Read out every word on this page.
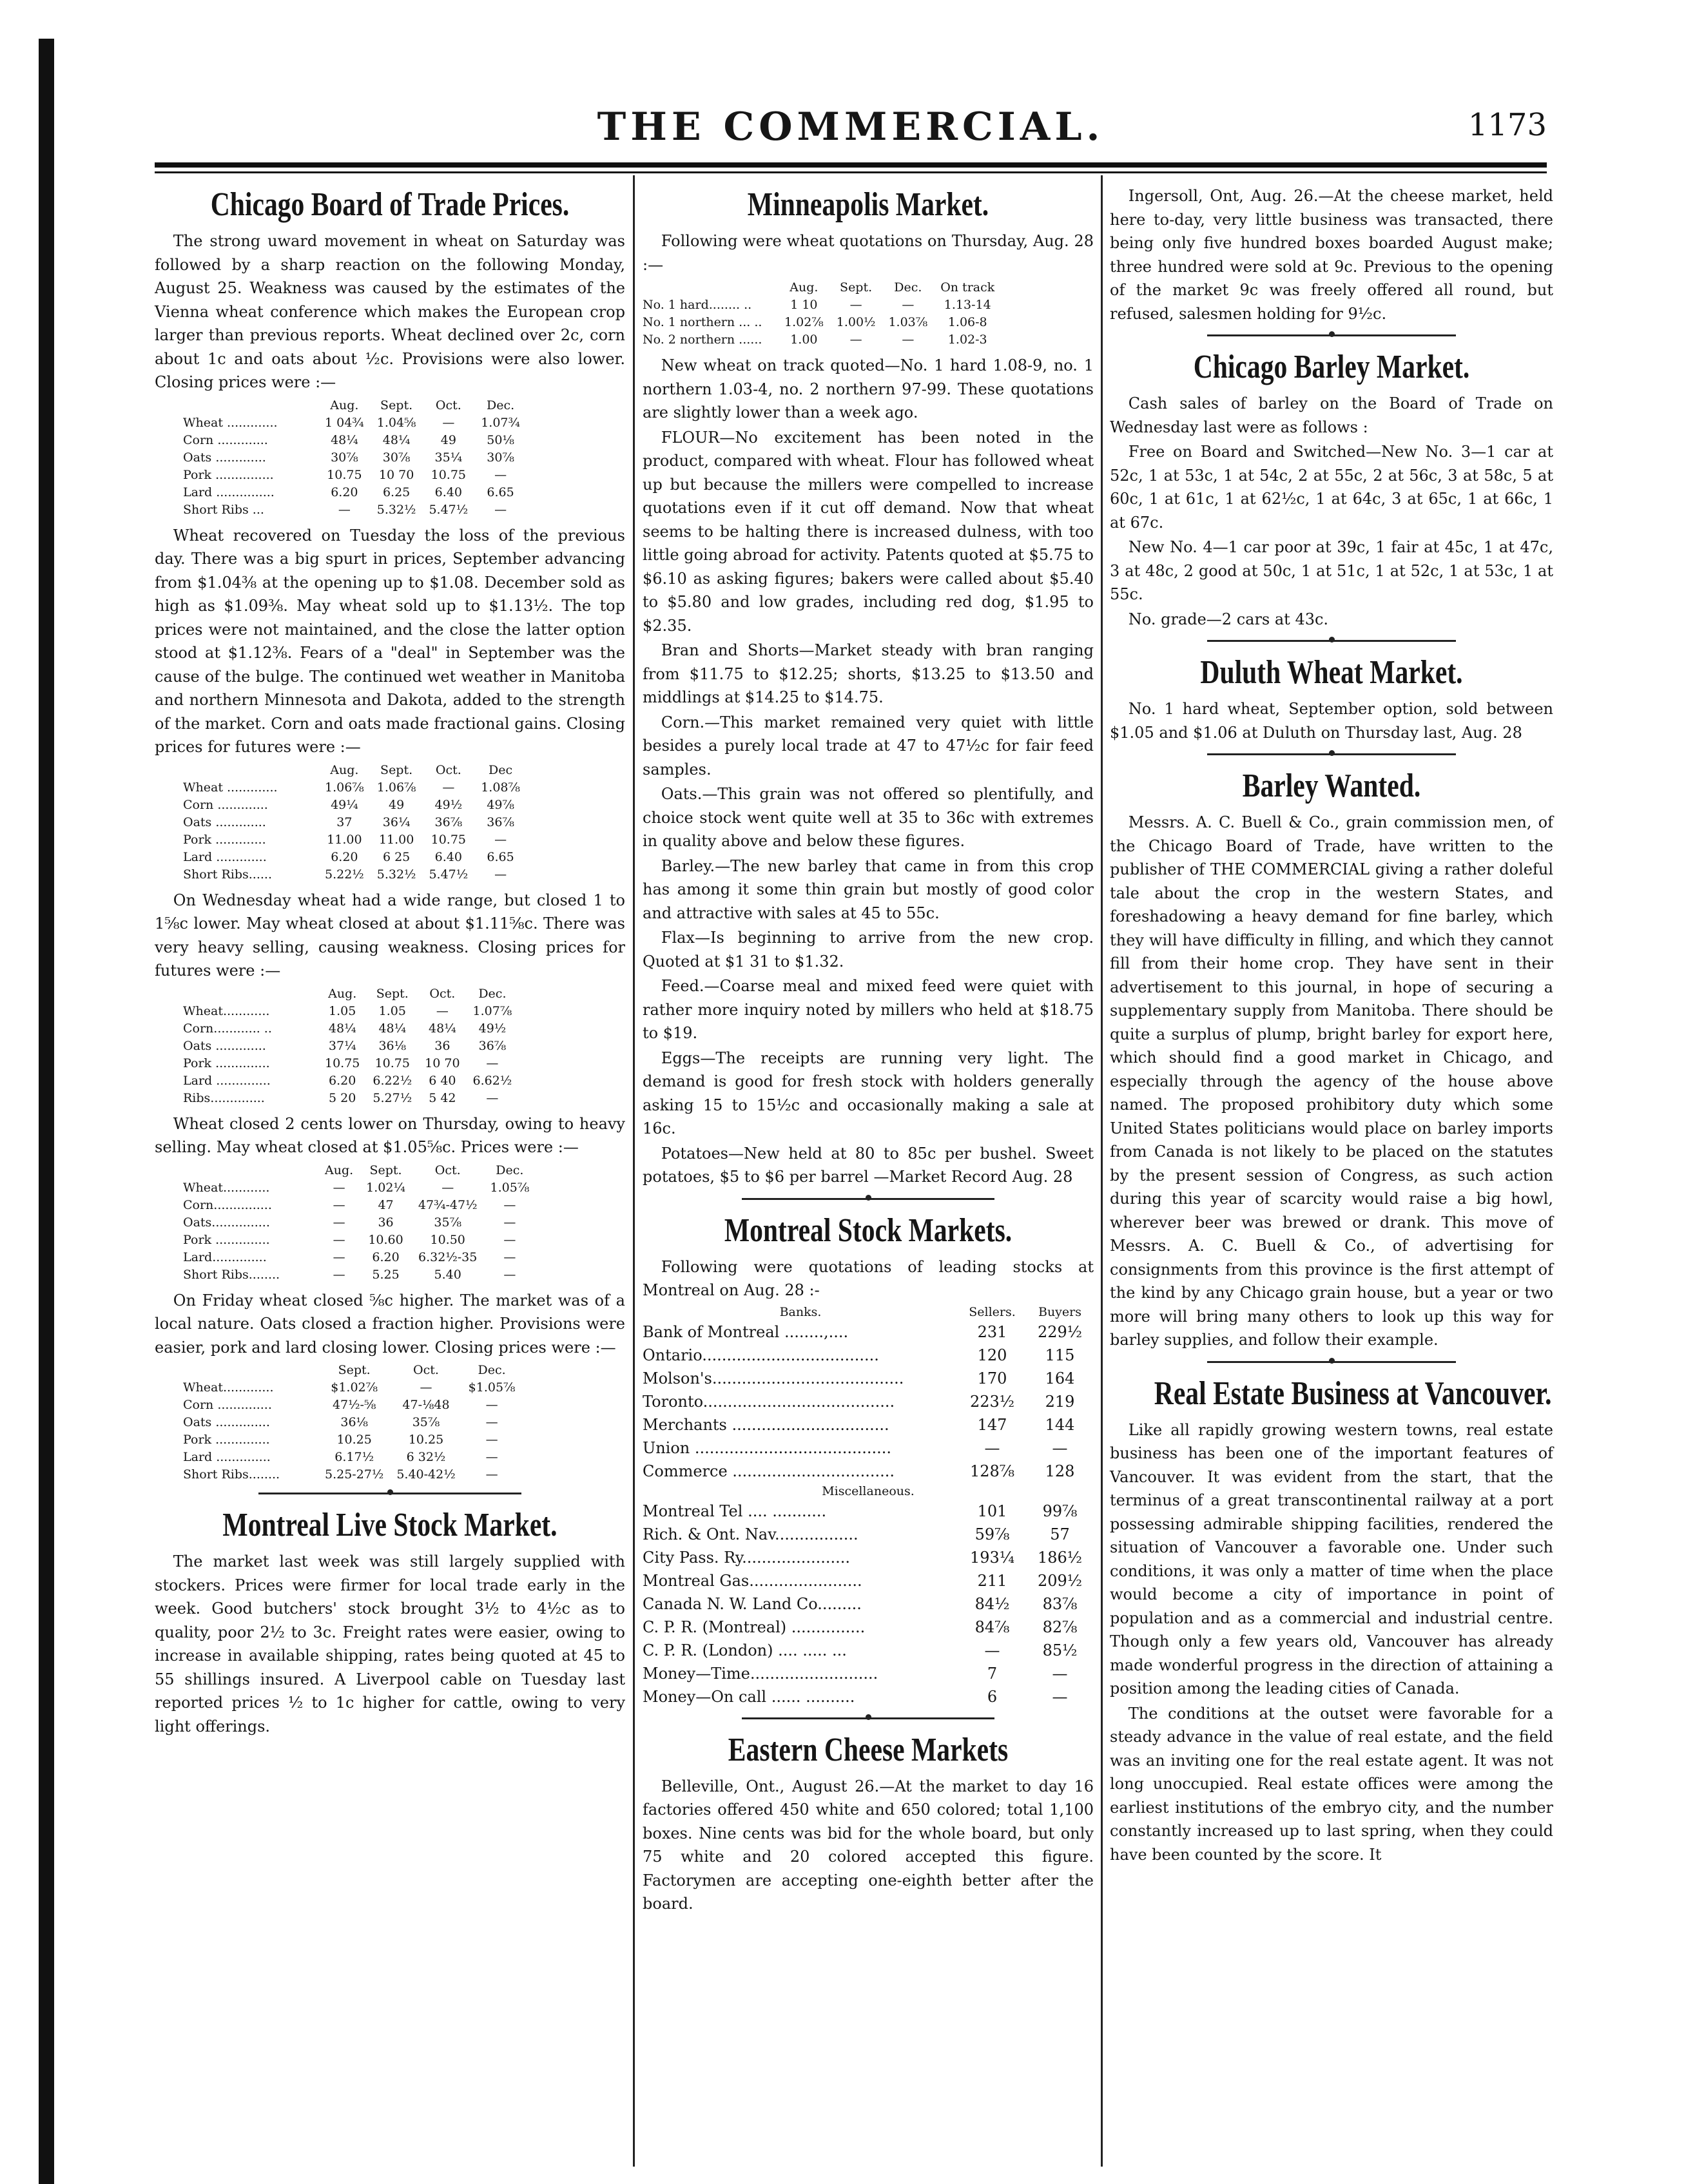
THE COMMERCIAL.	1173
Chicago Board of Trade Prices.

The strong uward movement in wheat on Saturday was followed by a sharp reaction on the following Monday, August 25. Weakness was caused by the estimates of the Vienna wheat conference which makes the European crop larger than previous reports. Wheat declined over 2c, corn about 1c and oats about ½c. Provisions were also lower. Closing prices were :—

	Aug.	Sept.	Oct.	Dec.
Wheat .............	1 04¾	1.04⅝	—	1.07¾
Corn .............	48¼	48¼	49	50⅛
Oats .............	30⅞	30⅞	35¼	30⅞
Pork ...............	10.75	10 70	10.75	—
Lard ...............	6.20	6.25	6.40	6.65
Short Ribs ...	—	5.32½	5.47½	—

Wheat recovered on Tuesday the loss of the previous day. There was a big spurt in prices, September advancing from $1.04⅜ at the opening up to $1.08. December sold as high as $1.09⅜. May wheat sold up to $1.13½. The top prices were not maintained, and the close the latter option stood at $1.12⅜. Fears of a "deal" in September was the cause of the bulge. The continued wet weather in Manitoba and northern Minnesota and Dakota, added to the strength of the market. Corn and oats made fractional gains. Closing prices for futures were :—

	Aug.	Sept.	Oct.	Dec
Wheat .............	1.06⅞	1.06⅞	—	1.08⅞
Corn .............	49¼	49	49½	49⅞
Oats .............	37	36¼	36⅞	36⅞
Pork .............	11.00	11.00	10.75	—
Lard .............	6.20	6 25	6.40	6.65
Short Ribs......	5.22½	5.32½	5.47½	—

On Wednesday wheat had a wide range, but closed 1 to 1⅝c lower. May wheat closed at about $1.11⅝c. There was very heavy selling, causing weakness. Closing prices for futures were :—

	Aug.	Sept.	Oct.	Dec.
Wheat............	1.05	1.05	—	1.07⅞
Corn............ ..	48¼	48¼	48¼	49½
Oats .............	37¼	36⅛	36	36⅞
Pork ..............	10.75	10.75	10 70	—
Lard ..............	6.20	6.22½	6 40	6.62½
Ribs..............	5 20	5.27½	5 42	—

Wheat closed 2 cents lower on Thursday, owing to heavy selling. May wheat closed at $1.05⅝c. Prices were :—

	Aug.	Sept.	Oct.	Dec.
Wheat............	—	1.02¼	—	1.05⅞
Corn...............	—	47	47¾-47½	—
Oats...............	—	36	35⅞	—
Pork ..............	—	10.60	10.50	—
Lard..............	—	6.20	6.32½-35	—
Short Ribs........	—	5.25	5.40	—

On Friday wheat closed ⅝c higher. The market was of a local nature. Oats closed a fraction higher. Provisions were easier, pork and lard closing lower. Closing prices were :—

	Sept.	Oct.	Dec.
Wheat.............	$1.02⅞	—	$1.05⅞
Corn ..............	47½-⅝	47-⅛48	—
Oats ..............	36⅛	35⅞	—
Pork ..............	10.25	10.25	—
Lard ..............	6.17½	6 32½	—
Short Ribs........	5.25-27½	5.40-42½	—
Montreal Live Stock Market.

The market last week was still largely supplied with stockers. Prices were firmer for local trade early in the week. Good butchers' stock brought 3½ to 4½c as to quality, poor 2½ to 3c. Freight rates were easier, owing to increase in available shipping, rates being quoted at 45 to 55 shillings insured. A Liverpool cable on Tuesday last reported prices ½ to 1c higher for cattle, owing to very light offerings.

Minneapolis Market.

Following were wheat quotations on Thursday, Aug. 28 :—

	Aug.	Sept.	Dec.	On track
No. 1 hard........ ..	1 10	—	—	1.13-14
No. 1 northern ... ..	1.02⅞	1.00½	1.03⅞	1.06-8
No. 2 northern ......	1.00	—	—	1.02-3

New wheat on track quoted—No. 1 hard 1.08-9, no. 1 northern 1.03-4, no. 2 northern 97-99. These quotations are slightly lower than a week ago.

FLOUR—No excitement has been noted in the product, compared with wheat. Flour has followed wheat up but because the millers were compelled to increase quotations even if it cut off demand. Now that wheat seems to be halting there is increased dulness, with too little going abroad for activity. Patents quoted at $5.75 to $6.10 as asking figures; bakers were called about $5.40 to $5.80 and low grades, including red dog, $1.95 to $2.35.

Bran and Shorts—Market steady with bran ranging from $11.75 to $12.25; shorts, $13.25 to $13.50 and middlings at $14.25 to $14.75.

Corn.—This market remained very quiet with little besides a purely local trade at 47 to 47½c for fair feed samples.

Oats.—This grain was not offered so plentifully, and choice stock went quite well at 35 to 36c with extremes in quality above and below these figures.

Barley.—The new barley that came in from this crop has among it some thin grain but mostly of good color and attractive with sales at 45 to 55c.

Flax—Is beginning to arrive from the new crop. Quoted at $1 31 to $1.32.

Feed.—Coarse meal and mixed feed were quiet with rather more inquiry noted by millers who held at $18.75 to $19.

Eggs—The receipts are running very light. The demand is good for fresh stock with holders generally asking 15 to 15½c and occasionally making a sale at 16c.

Potatoes—New held at 80 to 85c per bushel. Sweet potatoes, $5 to $6 per barrel —Market Record Aug. 28

Montreal Stock Markets.

Following were quotations of leading stocks at Montreal on Aug. 28 :-

Banks.	Sellers.	Buyers
Bank of Montreal ........,....	231	229½
Ontario....................................	120	115
Molson's.......................................	170	164
Toronto.......................................	223½	219
Merchants ................................	147	144
Union ........................................	—	—
Commerce .................................	128⅞	128
Miscellaneous.		
Montreal Tel .... ...........	101	99⅞
Rich. & Ont. Nav.................	59⅞	57
City Pass. Ry......................	193¼	186½
Montreal Gas.......................	211	209½
Canada N. W. Land Co.........	84½	83⅞
C. P. R. (Montreal) ...............	84⅞	82⅞
C. P. R. (London) .... ..... ...	—	85½
Money—Time..........................	7	—
Money—On call ...... ..........	6	—
Eastern Cheese Markets

Belleville, Ont., August 26.—At the market to day 16 factories offered 450 white and 650 colored; total 1,100 boxes. Nine cents was bid for the whole board, but only 75 white and 20 colored accepted this figure. Factorymen are accepting one-eighth better after the board.

Ingersoll, Ont, Aug. 26.—At the cheese market, held here to-day, very little business was transacted, there being only five hundred boxes boarded August make; three hundred were sold at 9c. Previous to the opening of the market 9c was freely offered all round, but refused, salesmen holding for 9½c.

Chicago Barley Market.

Cash sales of barley on the Board of Trade on Wednesday last were as follows :

Free on Board and Switched—New No. 3—1 car at 52c, 1 at 53c, 1 at 54c, 2 at 55c, 2 at 56c, 3 at 58c, 5 at 60c, 1 at 61c, 1 at 62½c, 1 at 64c, 3 at 65c, 1 at 66c, 1 at 67c.

New No. 4—1 car poor at 39c, 1 fair at 45c, 1 at 47c, 3 at 48c, 2 good at 50c, 1 at 51c, 1 at 52c, 1 at 53c, 1 at 55c.

No. grade—2 cars at 43c.

Duluth Wheat Market.

No. 1 hard wheat, September option, sold between $1.05 and $1.06 at Duluth on Thursday last, Aug. 28

Barley Wanted.

Messrs. A. C. Buell & Co., grain commission men, of the Chicago Board of Trade, have written to the publisher of THE COMMERCIAL giving a rather doleful tale about the crop in the western States, and foreshadowing a heavy demand for fine barley, which they will have difficulty in filling, and which they cannot fill from their home crop. They have sent in their advertisement to this journal, in hope of securing a supplementary supply from Manitoba. There should be quite a surplus of plump, bright barley for export here, which should find a good market in Chicago, and especially through the agency of the house above named. The proposed prohibitory duty which some United States politicians would place on barley imports from Canada is not likely to be placed on the statutes by the present session of Congress, as such action during this year of scarcity would raise a big howl, wherever beer was brewed or drank. This move of Messrs. A. C. Buell & Co., of advertising for consignments from this province is the first attempt of the kind by any Chicago grain house, but a year or two more will bring many others to look up this way for barley supplies, and follow their example.

Real Estate Business at Vancouver.

Like all rapidly growing western towns, real estate business has been one of the important features of Vancouver. It was evident from the start, that the terminus of a great transcontinental railway at a port possessing admirable shipping facilities, rendered the situation of Vancouver a favorable one. Under such conditions, it was only a matter of time when the place would become a city of importance in point of population and as a commercial and industrial centre. Though only a few years old, Vancouver has already made wonderful progress in the direction of attaining a position among the leading cities of Canada.

The conditions at the outset were favorable for a steady advance in the value of real estate, and the field was an inviting one for the real estate agent. It was not long unoccupied. Real estate offices were among the earliest institutions of the embryo city, and the number constantly increased up to last spring, when they could have been counted by the score. It
